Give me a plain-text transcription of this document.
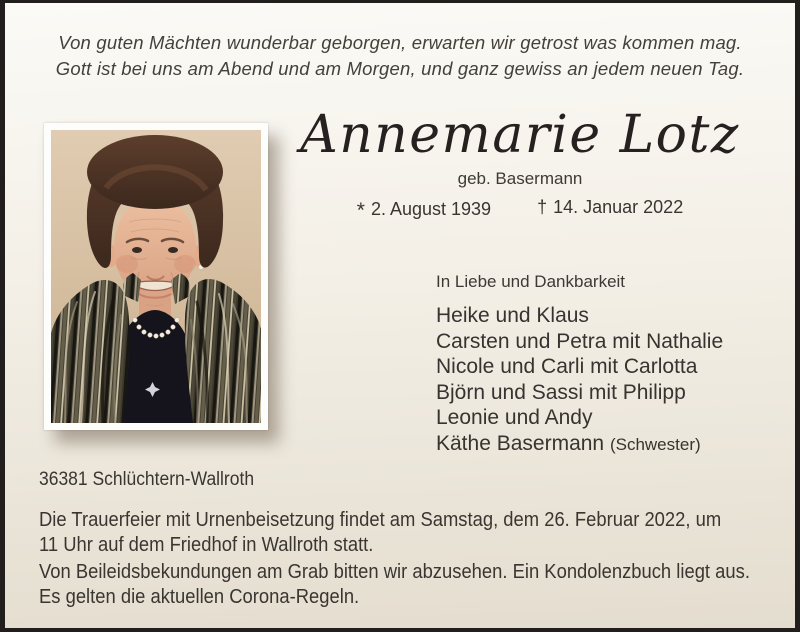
Von guten Mächten wunderbar geborgen, erwarten wir getrost was kommen mag.
Gott ist bei uns am Abend und am Morgen, und ganz gewiss an jedem neuen Tag.
Annemarie Lotz
geb. Basermann
* 2. August 1939	† 14. Januar 2022
In Liebe und Dankbarkeit
Heike und Klaus
Carsten und Petra mit Nathalie
Nicole und Carli mit Carlotta
Björn und Sassi mit Philipp
Leonie und Andy
Käthe Basermann (Schwester)
36381 Schlüchtern-Wallroth
Die Trauerfeier mit Urnenbeisetzung findet am Samstag, dem 26. Februar 2022, um
11 Uhr auf dem Friedhof in Wallroth statt.
Von Beileidsbekundungen am Grab bitten wir abzusehen. Ein Kondolenzbuch liegt aus.
Es gelten die aktuellen Corona-Regeln.
